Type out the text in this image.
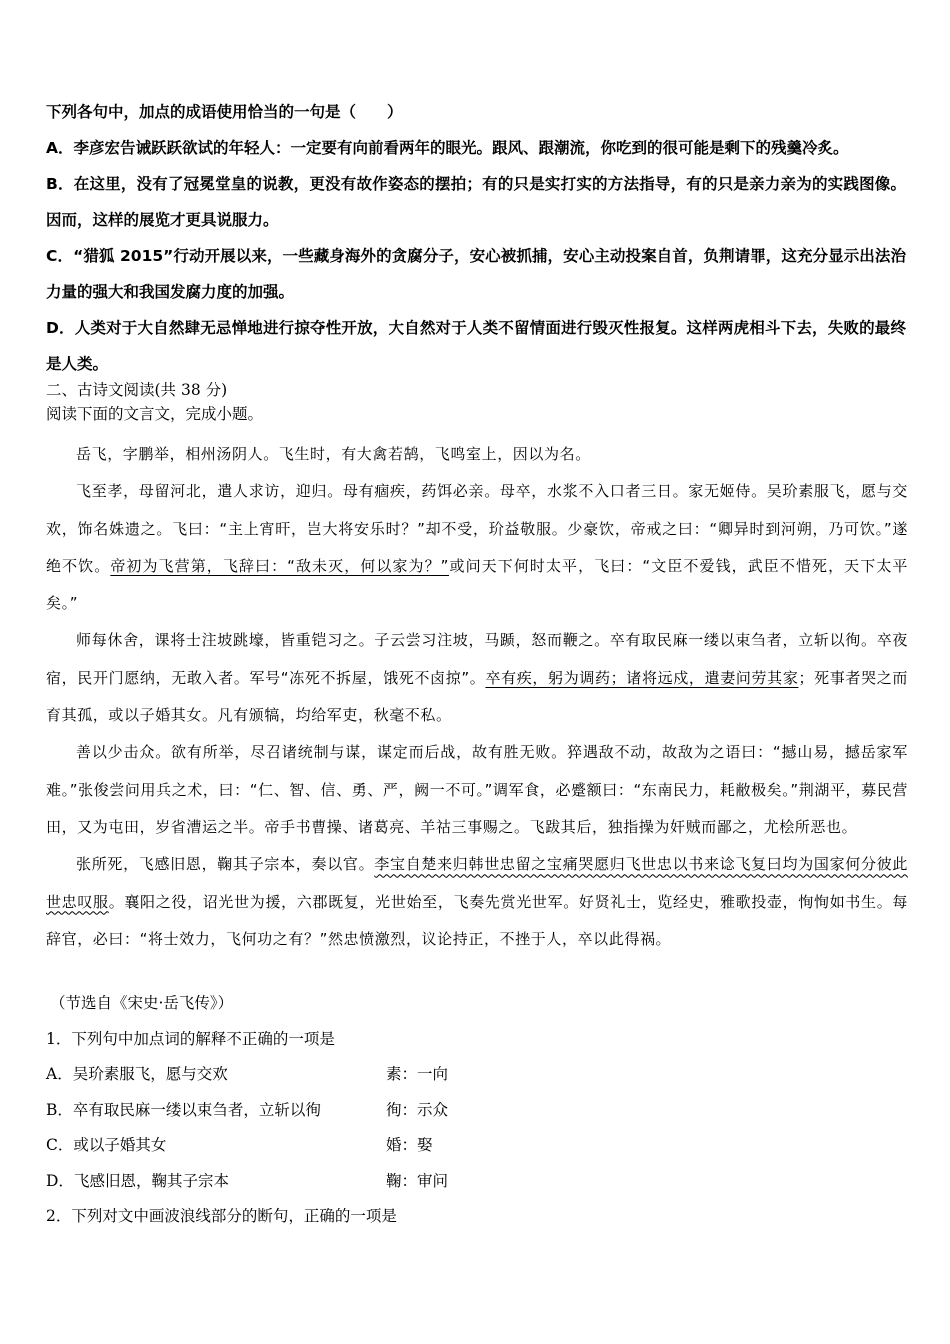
下列各句中，加点的成语使用恰当的一句是（　　）

A．李彦宏告诫跃跃欲试的年轻人：一定要有向前看两年的眼光。跟风、跟潮流，你吃到的很可能是剩下的残羹冷炙。

B．在这里，没有了冠冕堂皇的说教，更没有故作姿态的摆拍；有的只是实打实的方法指导，有的只是亲力亲为的实践图像。因而，这样的展览才更具说服力。

C．“猎狐 2015”行动开展以来，一些藏身海外的贪腐分子，安心被抓捕，安心主动投案自首，负荆请罪，这充分显示出法治力量的强大和我国发腐力度的加强。

D．人类对于大自然肆无忌惮地进行掠夺性开放，大自然对于人类不留情面进行毁灭性报复。这样两虎相斗下去，失败的最终是人类。

二、古诗文阅读(共 38 分)

阅读下面的文言文，完成小题。

岳飞，字鹏举，相州汤阴人。飞生时，有大禽若鹄，飞鸣室上，因以为名。

飞至孝，母留河北，遣人求访，迎归。母有痼疾，药饵必亲。母卒，水浆不入口者三日。家无姬侍。吴玠素服飞，愿与交欢，饰名姝遗之。飞曰：“主上宵旰，岂大将安乐时？”却不受，玠益敬服。少豪饮，帝戒之曰：“卿异时到河朔，乃可饮。”遂绝不饮。帝初为飞营第，飞辞曰：“敌未灭，何以家为？”或问天下何时太平，飞曰：“文臣不爱钱，武臣不惜死，天下太平矣。”

师每休舍，课将士注坡跳壕，皆重铠习之。子云尝习注坡，马踬，怒而鞭之。卒有取民麻一缕以束刍者，立斩以徇。卒夜宿，民开门愿纳，无敢入者。军号“冻死不拆屋，饿死不卤掠”。卒有疾，躬为调药；诸将远戍，遣妻问劳其家；死事者哭之而育其孤，或以子婚其女。凡有颁犒，均给军吏，秋毫不私。

善以少击众。欲有所举，尽召诸统制与谋，谋定而后战，故有胜无败。猝遇敌不动，故敌为之语曰：“撼山易，撼岳家军难。”张俊尝问用兵之术，曰：“仁、智、信、勇、严，阙一不可。”调军食，必蹙额曰：“东南民力，耗敝极矣。”荆湖平，募民营田，又为屯田，岁省漕运之半。帝手书曹操、诸葛亮、羊祜三事赐之。飞跋其后，独指操为奸贼而鄙之，尤桧所恶也。

张所死，飞感旧恩，鞠其子宗本，奏以官。李宝自楚来归韩世忠留之宝痛哭愿归飞世忠以书来谂飞复曰均为国家何分彼此世忠叹服。襄阳之役，诏光世为援，六郡既复，光世始至，飞奏先赏光世军。好贤礼士，览经史，雅歌投壶，恂恂如书生。每辞官，必曰：“将士效力，飞何功之有？”然忠愤激烈，议论持正，不挫于人，卒以此得祸。

（节选自《宋史·岳飞传》）
1．下列句中加点词的解释不正确的一项是
A．吴玠素服飞，愿与交欢	素：一向
B．卒有取民麻一缕以束刍者，立斩以徇	徇：示众
C．或以子婚其女	婚：娶
D．飞感旧恩，鞠其子宗本	鞠：审问
2．下列对文中画波浪线部分的断句，正确的一项是
